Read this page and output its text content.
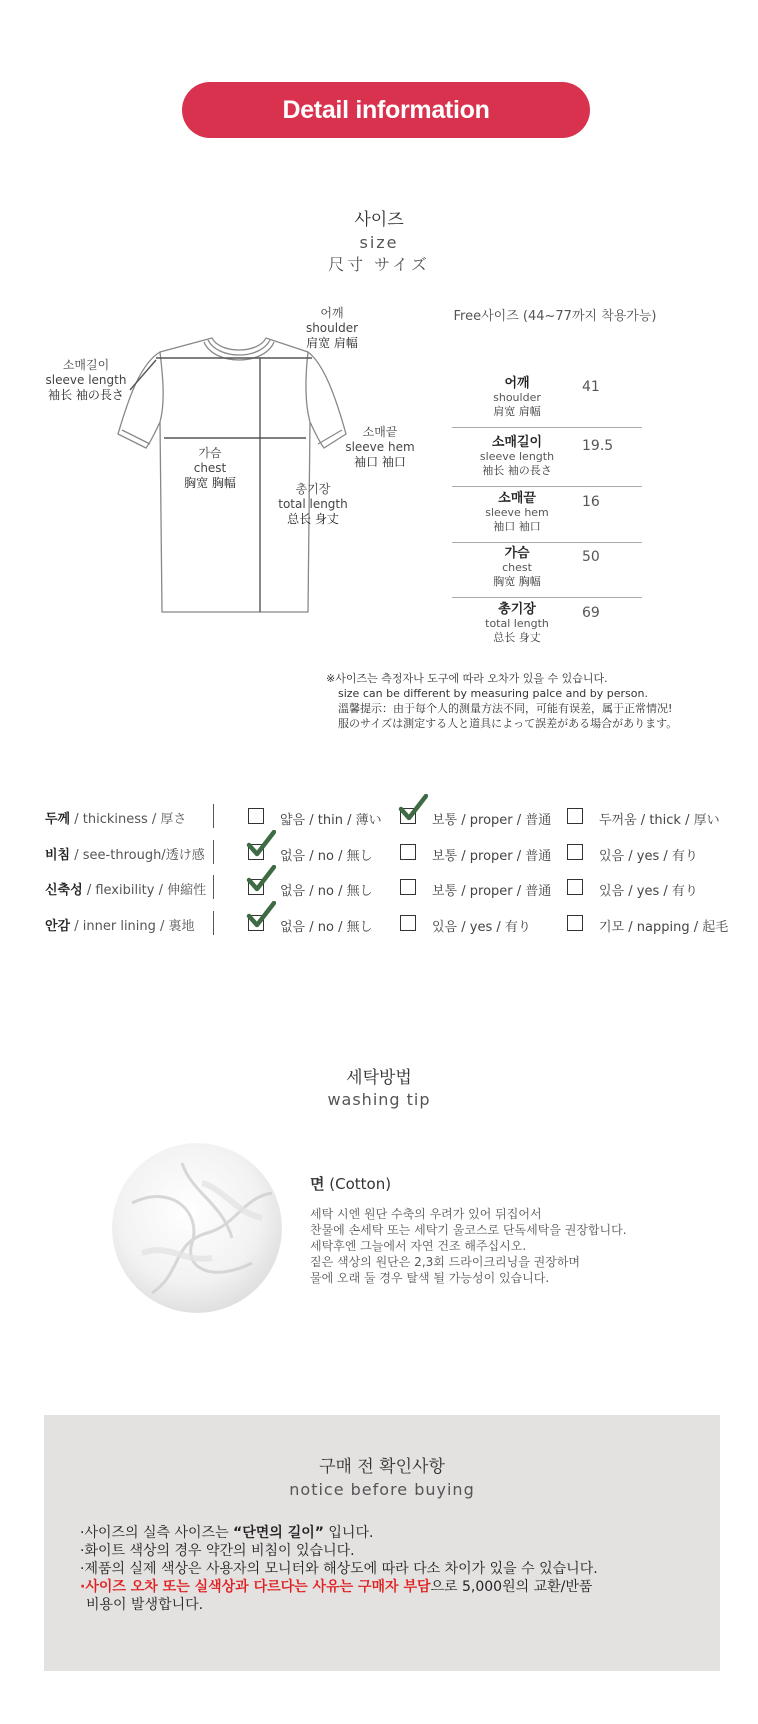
Detail information
사이즈
size
尺寸 サイズ
어깨
shoulder
肩宽 肩幅
소매길이
sleeve length
袖长 袖の長さ
소매끝
sleeve hem
袖口 袖口
가슴
chest
胸宽 胸幅	총기장
total length
总长 身丈
Free사이즈 (44~77까지 착용가능)
어깨
shoulder
肩宽 肩幅
41
소매길이
sleeve length
袖长 袖の長さ
19.5
소매끝
sleeve hem
袖口 袖口
16
가슴
chest
胸宽 胸幅
50
총기장
total length
总长 身丈
69
※사이즈는 측정자나 도구에 따라 오차가 있을 수 있습니다.
size can be different by measuring palce and by person.
溫馨提示：由于每个人的测量方法不同，可能有误差，属于正常情况!
服のサイズは測定する人と道具によって誤差がある場合があります。
두께 / thickiness / 厚さ	얇음 / thin / 薄い	보통 / proper / 普通	두꺼움 / thick / 厚い
비침 / see-through/透け感	없음 / no / 無し	보통 / proper / 普通	있음 / yes / 有り
신축성 / flexibility / 伸縮性	없음 / no / 無し	보통 / proper / 普通	있음 / yes / 有り
안감 / inner lining / 裏地	없음 / no / 無し	있음 / yes / 有り	기모 / napping / 起毛
세탁방법
washing tip
면 (Cotton)
세탁 시엔 원단 수축의 우려가 있어 뒤집어서
찬물에 손세탁 또는 세탁기 울코스로 단독세탁을 권장합니다.
세탁후엔 그늘에서 자연 건조 해주십시오.
짙은 색상의 원단은 2,3회 드라이크리닝을 권장하며
물에 오래 둘 경우 탈색 될 가능성이 있습니다.
구매 전 확인사항
notice before buying
·사이즈의 실측 사이즈는 “단면의 길이” 입니다.
·화이트 색상의 경우 약간의 비침이 있습니다.
·제품의 실제 색상은 사용자의 모니터와 해상도에 따라 다소 차이가 있을 수 있습니다.
·사이즈 오차 또는 실색상과 다르다는 사유는 구매자 부담으로 5,000원의 교환/반품
비용이 발생합니다.
